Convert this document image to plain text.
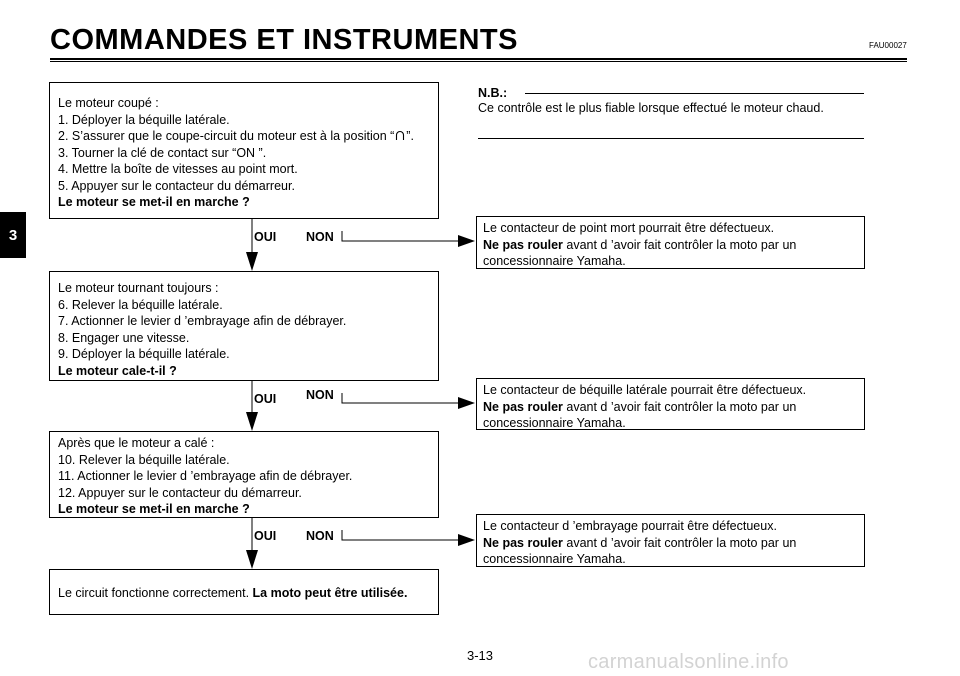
COMMANDES ET INSTRUMENTS	FAU00027
3
Le moteur coupé :
1. Déployer la béquille latérale.
2. S’assurer que le coupe-circuit du moteur est à la position “ ”.
3. Tourner la clé de contact sur “ON ”.
4. Mettre la boîte de vitesses au point mort.
5. Appuyer sur le contacteur du démarreur.
Le moteur se met-il en marche ?
Le moteur tournant toujours :
6. Relever la béquille latérale.
7. Actionner le levier d ’embrayage afin de débrayer.
8. Engager une vitesse.
9. Déployer la béquille latérale.
Le moteur cale-t-il ?
Après que le moteur a calé :
10. Relever la béquille latérale.
11. Actionner le levier d ’embrayage afin de débrayer.
12. Appuyer sur le contacteur du démarreur.
Le moteur se met-il en marche ?
Le circuit fonctionne correctement. La moto peut être utilisée.
OUI NON
OUI NON
OUI NON
N.B.:
Ce contrôle est le plus fiable lorsque effectué le moteur chaud.
Le contacteur de point mort pourrait être défectueux.
Ne pas rouler avant d ’avoir fait contrôler la moto par un
concessionnaire Yamaha.
Le contacteur de béquille latérale pourrait être défectueux.
Ne pas rouler avant d ’avoir fait contrôler la moto par un
concessionnaire Yamaha.
Le contacteur d ’embrayage pourrait être défectueux.
Ne pas rouler avant d ’avoir fait contrôler la moto par un
concessionnaire Yamaha.
3-13	carmanualsonline.info
